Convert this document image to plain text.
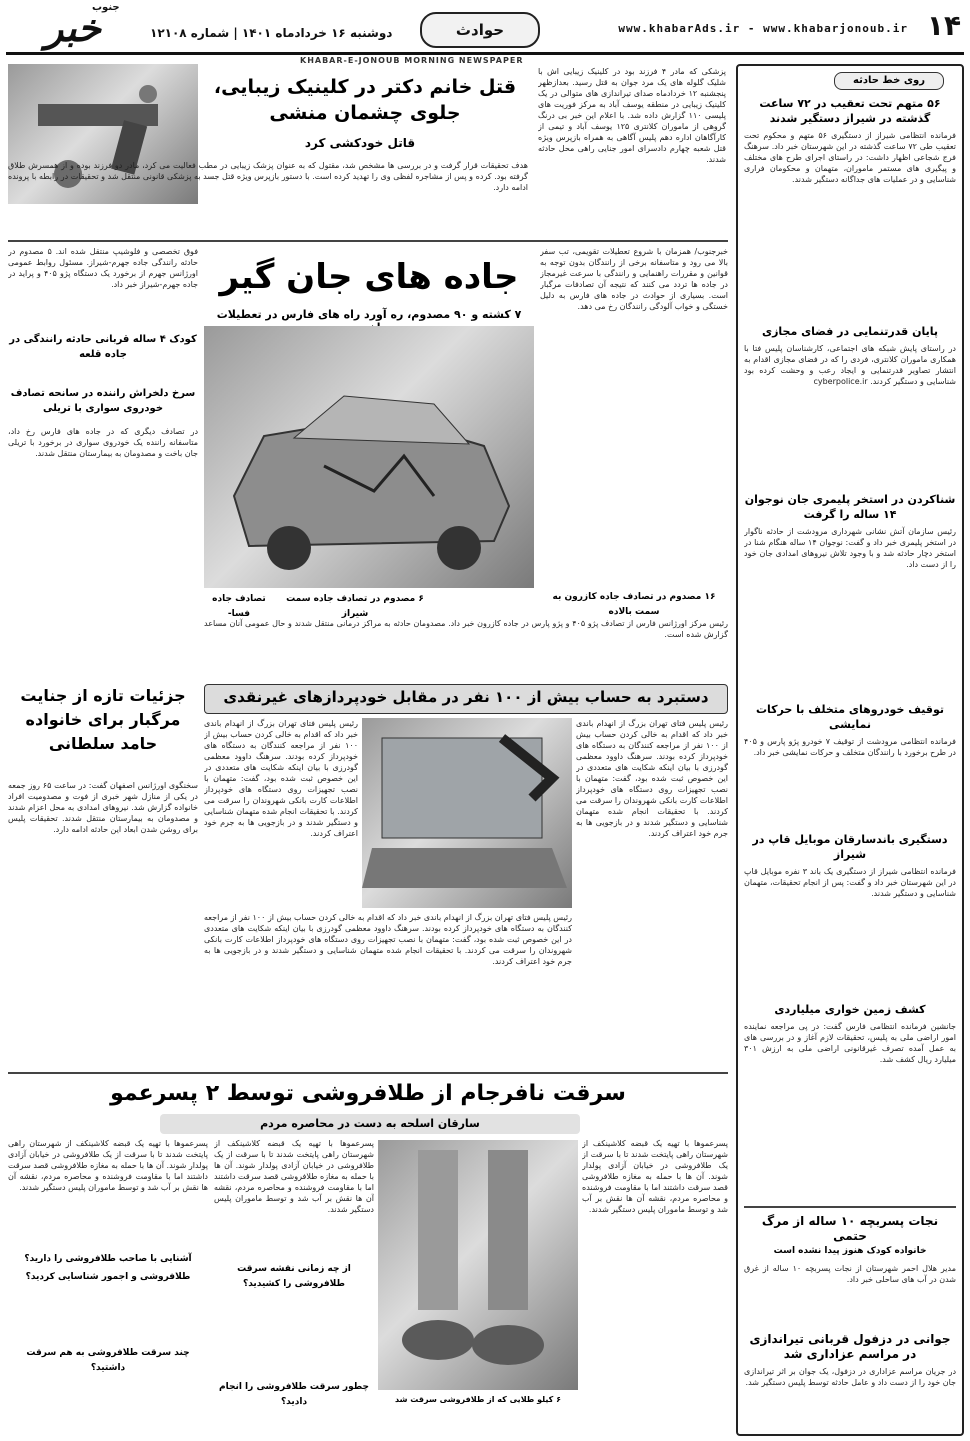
۱۴
www.khabarAds.ir - www.khabarjonoub.ir
حوادث
دوشنبه ۱۶ خردادماه ۱۴۰۱ | شماره ۱۲۱۰۸
خبر
جنوب
KHABAR-E-JONOUB MORNING NEWSPAPER
روی خط حادثه
۵۶ متهم تحت تعقیب در ۷۲ ساعت گذشته در شیراز دستگیر شدند
فرمانده انتظامی شیراز از دستگیری ۵۶ متهم و محکوم تحت تعقیب طی ۷۲ ساعت گذشته در این شهرستان خبر داد. سرهنگ فرج شجاعی اظهار داشت: در راستای اجرای طرح های مختلف و پیگیری های مستمر ماموران، متهمان و محکومان فراری شناسایی و در عملیات های جداگانه دستگیر شدند.
پایان قدرتنمایی در فضای مجازی
در راستای پایش شبکه های اجتماعی، کارشناسان پلیس فتا با همکاری ماموران کلانتری، فردی را که در فضای مجازی اقدام به انتشار تصاویر قدرتنمایی و ایجاد رعب و وحشت کرده بود شناسایی و دستگیر کردند. cyberpolice.ir
شناکردن در استخر پلیمری جان نوجوان ۱۴ ساله را گرفت
رئیس سازمان آتش نشانی شهرداری مرودشت از حادثه ناگوار در استخر پلیمری خبر داد و گفت: نوجوان ۱۴ ساله هنگام شنا در استخر دچار حادثه شد و با وجود تلاش نیروهای امدادی جان خود را از دست داد.
توقیف خودروهای متخلف با حرکات نمایشی
فرمانده انتظامی مرودشت از توقیف ۷ خودرو پژو پارس و ۴۰۵ در طرح برخورد با رانندگان متخلف و حرکات نمایشی خبر داد.
دستگیری باندسارقان موبایل قاپ در شیراز
فرمانده انتظامی شیراز از دستگیری یک باند ۳ نفره موبایل قاپ در این شهرستان خبر داد و گفت: پس از انجام تحقیقات، متهمان شناسایی و دستگیر شدند.
کشف زمین خواری میلیاردی
جانشین فرمانده انتظامی فارس گفت: در پی مراجعه نماینده امور اراضی ملی به پلیس، تحقیقات لازم آغاز و در بررسی های به عمل آمده تصرف غیرقانونی اراضی ملی به ارزش ۳۰۱ میلیارد ریال کشف شد.
نجات پسربچه ۱۰ ساله از مرگ حتمی
خانواده کودک هنوز پیدا نشده است
مدیر هلال احمر شهرستان از نجات پسربچه ۱۰ ساله از غرق شدن در آب های ساحلی خبر داد.
جوانی در دزفول قربانی تیراندازی در مراسم عزاداری شد
در جریان مراسم عزاداری در دزفول، یک جوان بر اثر تیراندازی جان خود را از دست داد و عامل حادثه توسط پلیس دستگیر شد.
قتل خانم دکتر در کلینیک زیبایی، جلوی چشمان منشی
قاتل خودکشی کرد
پزشکی که مادر ۴ فرزند بود در کلینیک زیبایی اش با شلیک گلوله های یک مرد جوان به قتل رسید. بعدازظهر پنجشنبه ۱۲ خردادماه صدای تیراندازی های متوالی در یک کلینیک زیبایی در منطقه یوسف آباد به مرکز فوریت های پلیسی ۱۱۰ گزارش داده شد. با اعلام این خبر بی درنگ گروهی از ماموران کلانتری ۱۲۵ یوسف آباد و تیمی از کارآگاهان اداره دهم پلیس آگاهی به همراه بازپرس ویژه قتل شعبه چهارم دادسرای امور جنایی راهی محل حادثه شدند.
هدف تحقیقات قرار گرفت و در بررسی ها مشخص شد، مقتول که به عنوان پزشک زیبایی در مطب فعالیت می کرد، مادر دو فرزند بوده و از همسرش طلاق گرفته بود. کرده و پس از مشاجره لفظی وی را تهدید کرده است. با دستور بازپرس ویژه قتل جسد به پزشکی قانونی منتقل شد و تحقیقات در رابطه با پرونده ادامه دارد.
فوق تخصصی و فلوشیپ منتقل شده اند. ۵ مصدوم در حادثه رانندگی جاده جهرم-شیراز. مسئول روابط عمومی اورژانس جهرم از برخورد یک دستگاه پژو ۴۰۵ و پراید در جاده جهرم-شیراز خبر داد.
کودک ۴ ساله قربانی حادثه رانندگی در جاده قلعه
سرخ دلخراش راننده در سانحه تصادف خودروی سواری با تریلی
در تصادف دیگری که در جاده های فارس رخ داد، متاسفانه راننده یک خودروی سواری در برخورد با تریلی جان باخت و مصدومان به بیمارستان منتقل شدند.
جاده های جان گیر
۷ کشته و ۹۰ مصدوم، ره آورد راه های فارس در تعطیلات
خبرجنوب/ همزمان با شروع تعطیلات تقویمی، تب سفر بالا می رود و متاسفانه برخی از رانندگان بدون توجه به قوانین و مقررات راهنمایی و رانندگی با سرعت غیرمجاز در جاده ها تردد می کنند که نتیجه آن تصادفات مرگبار است. بسیاری از حوادث در جاده های فارس به دلیل خستگی و خواب آلودگی رانندگان رخ می دهد.
۱۶ مصدوم در تصادف جاده کازرون به سمت بالاده
۶ مصدوم در تصادف جاده سمت شیراز
تصادف جاده فسا-
رئیس مرکز اورژانس فارس از تصادف پژو ۴۰۵ و پژو پارس در جاده کازرون خبر داد. مصدومان حادثه به مراکز درمانی منتقل شدند و حال عمومی آنان مساعد گزارش شده است.
دستبرد به حساب بیش از ۱۰۰ نفر در مقابل خودپردازهای غیرنقدی
رئیس پلیس فتای تهران بزرگ از انهدام باندی خبر داد که اقدام به خالی کردن حساب بیش از ۱۰۰ نفر از مراجعه کنندگان به دستگاه های خودپرداز کرده بودند. سرهنگ داوود معظمی گودرزی با بیان اینکه شکایت های متعددی در این خصوص ثبت شده بود، گفت: متهمان با نصب تجهیزات روی دستگاه های خودپرداز اطلاعات کارت بانکی شهروندان را سرقت می کردند. با تحقیقات انجام شده متهمان شناسایی و دستگیر شدند و در بازجویی ها به جرم خود اعتراف کردند.
رئیس پلیس فتای تهران بزرگ از انهدام باندی خبر داد که اقدام به خالی کردن حساب بیش از ۱۰۰ نفر از مراجعه کنندگان به دستگاه های خودپرداز کرده بودند. سرهنگ داوود معظمی گودرزی با بیان اینکه شکایت های متعددی در این خصوص ثبت شده بود، گفت: متهمان با نصب تجهیزات روی دستگاه های خودپرداز اطلاعات کارت بانکی شهروندان را سرقت می کردند. با تحقیقات انجام شده متهمان شناسایی و دستگیر شدند و در بازجویی ها به جرم خود اعتراف کردند.
رئیس پلیس فتای تهران بزرگ از انهدام باندی خبر داد که اقدام به خالی کردن حساب بیش از ۱۰۰ نفر از مراجعه کنندگان به دستگاه های خودپرداز کرده بودند. سرهنگ داوود معظمی گودرزی با بیان اینکه شکایت های متعددی در این خصوص ثبت شده بود، گفت: متهمان با نصب تجهیزات روی دستگاه های خودپرداز اطلاعات کارت بانکی شهروندان را سرقت می کردند. با تحقیقات انجام شده متهمان شناسایی و دستگیر شدند و در بازجویی ها به جرم خود اعتراف کردند.
جزئیات تازه از جنایت مرگبار برای خانواده حامد سلطانی
سخنگوی اورژانس اصفهان گفت: در ساعت ۶۵ روز جمعه در یکی از منازل شهر خبری از فوت و مصدومیت افراد خانواده گزارش شد. نیروهای امدادی به محل اعزام شدند و مصدومان به بیمارستان منتقل شدند. تحقیقات پلیس برای روشن شدن ابعاد این حادثه ادامه دارد.
سرقت نافرجام از طلافروشی توسط ۲ پسرعمو
سارقان اسلحه به دست در محاصره مردم
۶ کیلو طلایی که از طلافروشی سرقت شد
پسرعموها با تهیه یک قبضه کلاشینکف از شهرستان راهی پایتخت شدند تا با سرقت از یک طلافروشی در خیابان آزادی پولدار شوند. آن ها با حمله به مغازه طلافروشی قصد سرقت داشتند اما با مقاومت فروشنده و محاصره مردم، نقشه آن ها نقش بر آب شد و توسط ماموران پلیس دستگیر شدند.
پسرعموها با تهیه یک قبضه کلاشینکف از شهرستان راهی پایتخت شدند تا با سرقت از یک طلافروشی در خیابان آزادی پولدار شوند. آن ها با حمله به مغازه طلافروشی قصد سرقت داشتند اما با مقاومت فروشنده و محاصره مردم، نقشه آن ها نقش بر آب شد و توسط ماموران پلیس دستگیر شدند.
از چه زمانی نقشه سرقت طلافروشی را کشیدید؟
چطور سرقت طلافروشی را انجام دادید؟
پسرعموها با تهیه یک قبضه کلاشینکف از شهرستان راهی پایتخت شدند تا با سرقت از یک طلافروشی در خیابان آزادی پولدار شوند. آن ها با حمله به مغازه طلافروشی قصد سرقت داشتند اما با مقاومت فروشنده و محاصره مردم، نقشه آن ها نقش بر آب شد و توسط ماموران پلیس دستگیر شدند.
آشنایی با صاحب طلافروشی را دارید؟
طلافروشی و اجمور شناسایی کردید؟
چند سرقت طلافروشی به هم سرقت داشتید؟
